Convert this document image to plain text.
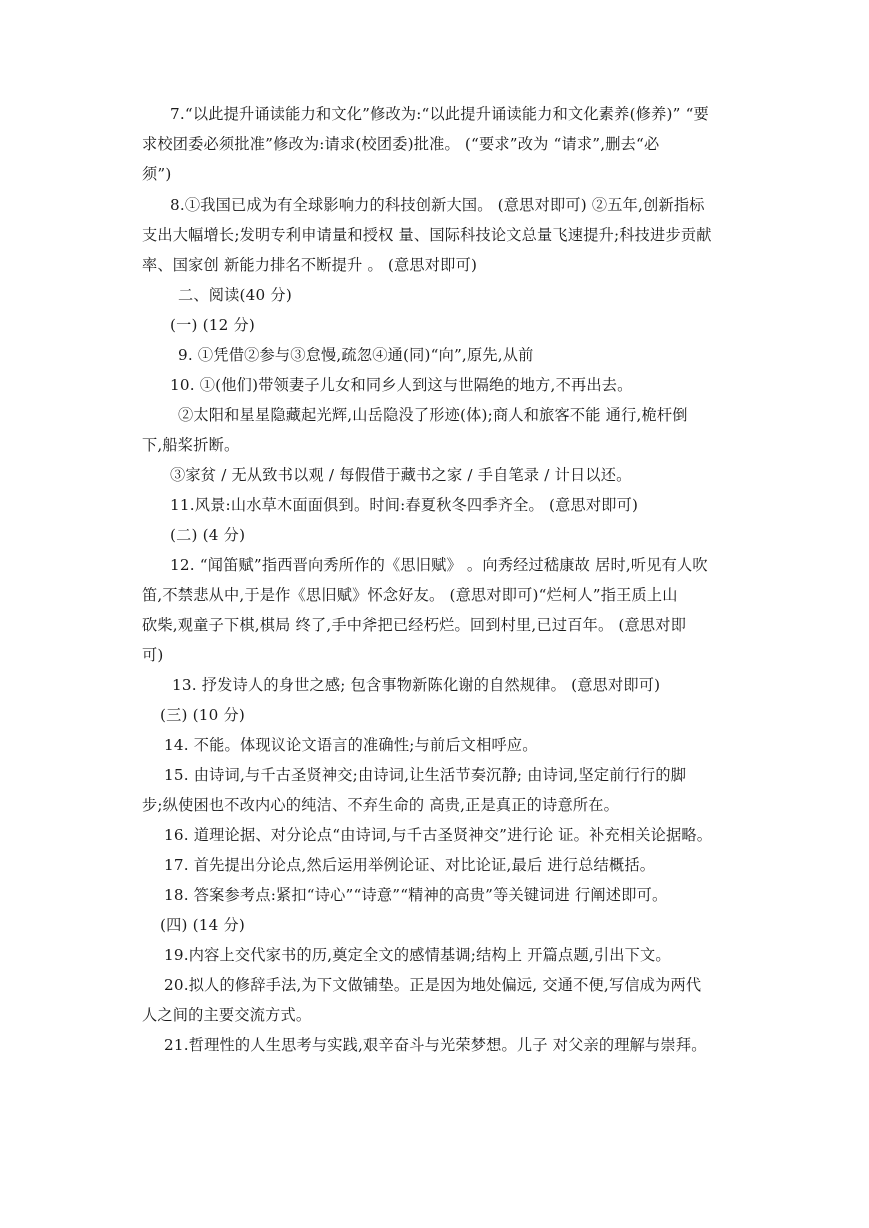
7.“以此提升诵读能力和文化”修改为:“以此提升诵读能力和文化素养(修养)” “要
求校团委必须批准”修改为:请求(校团委)批准。 (“要求”改为 “请求”,删去“必
须”)
8.①我国已成为有全球影响力的科技创新大国。 (意思对即可) ②五年,创新指标
支出大幅增长;发明专利申请量和授权 量、国际科技论文总量飞速提升;科技进步贡献
率、国家创 新能力排名不断提升 。 (意思对即可)
二、阅读(40 分)
(一) (12 分)
9. ①凭借②参与③怠慢,疏忽④通(同)“向”,原先,从前
10. ①(他们)带领妻子儿女和同乡人到这与世隔绝的地方,不再出去。
②太阳和星星隐藏起光辉,山岳隐没了形迹(体);商人和旅客不能 通行,桅杆倒
下,船桨折断。
③家贫 / 无从致书以观 / 每假借于藏书之家 / 手自笔录 / 计日以还。
11.风景:山水草木面面俱到。时间:春夏秋冬四季齐全。 (意思对即可)
(二) (4 分)
12. “闻笛赋”指西晋向秀所作的《思旧赋》 。向秀经过嵇康故 居时,听见有人吹
笛,不禁悲从中,于是作《思旧赋》怀念好友。 (意思对即可)“烂柯人”指王质上山
砍柴,观童子下棋,棋局 终了,手中斧把已经朽烂。回到村里,已过百年。 (意思对即
可)
13. 抒发诗人的身世之感; 包含事物新陈化谢的自然规律。 (意思对即可)
(三) (10 分)
14. 不能。体现议论文语言的准确性;与前后文相呼应。
15. 由诗词,与千古圣贤神交;由诗词,让生活节奏沉静; 由诗词,坚定前行行的脚
步;纵使困也不改内心的纯洁、不弃生命的 高贵,正是真正的诗意所在。
16. 道理论据、对分论点“由诗词,与千古圣贤神交”进行论 证。补充相关论据略。
17. 首先提出分论点,然后运用举例论证、对比论证,最后 进行总结概括。
18. 答案参考点:紧扣“诗心”“诗意”“精神的高贵”等关键词进 行阐述即可。
(四) (14 分)
19.内容上交代家书的历,奠定全文的感情基调;结构上 开篇点题,引出下文。
20.拟人的修辞手法,为下文做铺垫。正是因为地处偏远, 交通不便,写信成为两代
人之间的主要交流方式。
21.哲理性的人生思考与实践,艰辛奋斗与光荣梦想。儿子 对父亲的理解与崇拜。
